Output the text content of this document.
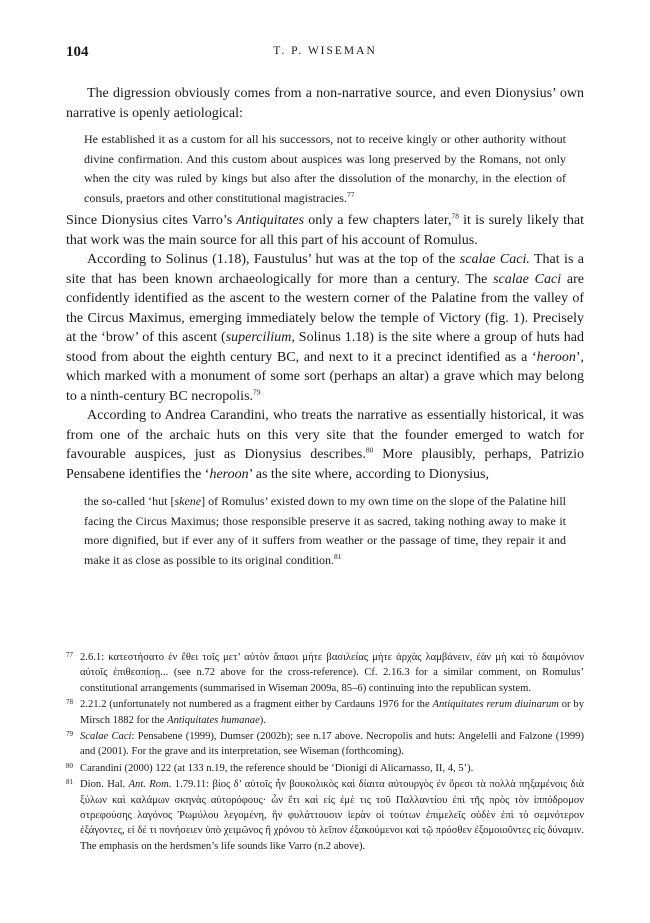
104	T. P. WISEMAN

The digression obviously comes from a non-narrative source, and even Dionysius’ own narrative is openly aetiological:

He established it as a custom for all his successors, not to receive kingly or other authority without divine confirmation. And this custom about auspices was long preserved by the Romans, not only when the city was ruled by kings but also after the dissolution of the monarchy, in the election of consuls, praetors and other constitutional magistracies.$^{77}$

Since Dionysius cites Varro’s Antiquitates only a few chapters later,$^{78}$ it is surely likely that that work was the main source for all this part of his account of Romulus.

According to Solinus (1.18), Faustulus’ hut was at the top of the scalae Caci. That is a site that has been known archaeologically for more than a century. The scalae Caci are confidently identified as the ascent to the western corner of the Palatine from the valley of the Circus Maximus, emerging immediately below the temple of Victory (fig. 1). Precisely at the ‘brow’ of this ascent (supercilium, Solinus 1.18) is the site where a group of huts had stood from about the eighth century BC, and next to it a precinct identified as a ‘heroon’, which marked with a monument of some sort (perhaps an altar) a grave which may belong to a ninth-century BC necropolis.$^{79}$

According to Andrea Carandini, who treats the narrative as essentially historical, it was from one of the archaic huts on this very site that the founder emerged to watch for favourable auspices, just as Dionysius describes.$^{80}$ More plausibly, perhaps, Patrizio Pensabene identifies the ‘heroon’ as the site where, according to Dionysius,

the so-called ‘hut [skene] of Romulus’ existed down to my own time on the slope of the Palatine hill facing the Circus Maximus; those responsible preserve it as sacred, taking nothing away to make it more dignified, but if ever any of it suffers from weather or the passage of time, they repair it and make it as close as possible to its original condition.$^{81}$
77 2.6.1: κατεστήσατο ἐν ἔθει τοῖς μετ’ αὐτὸν ἅπασι μήτε βασιλείας μήτε ἀρχὰς λαμβάνειν, ἐὰν μὴ καὶ τὸ δαιμόνιον αὐτοῖς ἐπιθεσπίσῃ... (see n.72 above for the cross-reference). Cf. 2.16.3 for a similar comment, on Romulus’ constitutional arrangements (summarised in Wiseman 2009a, 85–6) continuing into the republican system.
78 2.21.2 (unfortunately not numbered as a fragment either by Cardauns 1976 for the Antiquitates rerum diuinarum or by Mirsch 1882 for the Antiquitates humanae).
79 Scalae Caci: Pensabene (1999), Dumser (2002b); see n.17 above. Necropolis and huts: Angelelli and Falzone (1999) and (2001). For the grave and its interpretation, see Wiseman (forthcoming).
80 Carandini (2000) 122 (at 133 n.19, the reference should be ‘Dionigi di Alicarnasso, II, 4, 5’).
81 Dion. Hal. Ant. Rom. 1.79.11: βίος δ’ αὐτοῖς ἦν βουκολικὸς καὶ δίαιτα αὐτουργὸς ἐν ὄρεσι τὰ πολλὰ πηξαμένοις διὰ ξύλων καὶ καλάμων σκηνὰς αὐτορόφους· ὧν ἔτι καὶ εἰς ἐμὲ τις τοῦ Παλλαντίου ἐπὶ τῆς πρὸς τὸν ἱππόδρομον στρεφούσης λαγόνος Ῥωμύλου λεγομένη, ἣν φυλάττουσιν ἱερὰν οἱ τούτων ἐπιμελεῖς οὐδὲν ἐπὶ τὸ σεμνότερον ἐξάγοντες, εἰ δέ τι πονήσειεν ὑπὸ χειμῶνος ἢ χρόνου τὸ λεῖπον ἐξακούμενοι καὶ τῷ πρόσθεν ἐξομοιοῦντες εἰς δύναμιν. The emphasis on the herdsmen’s life sounds like Varro (n.2 above).
